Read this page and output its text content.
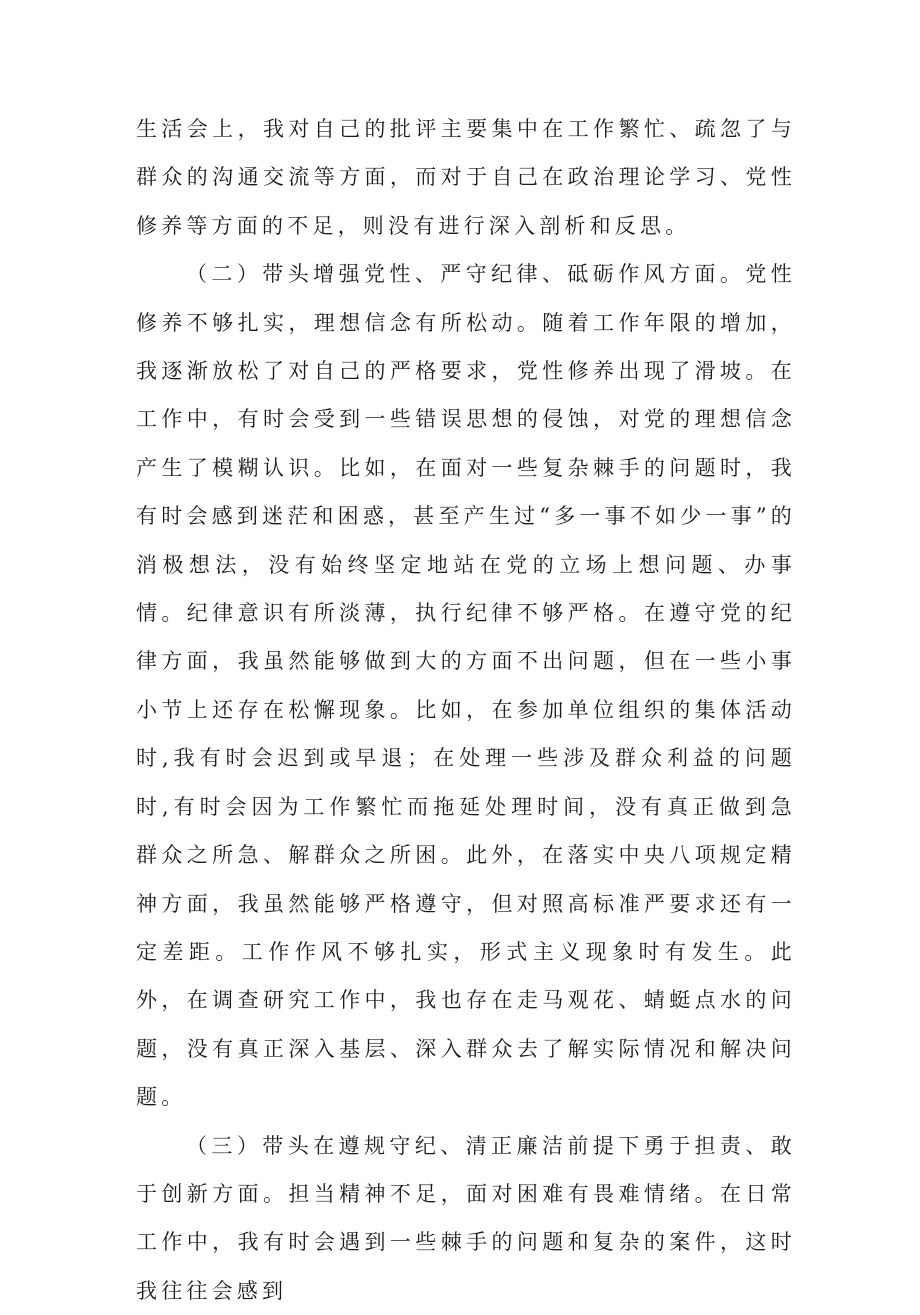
生活会上，我对自己的批评主要集中在工作繁忙、疏忽了与群众的沟通交流等方面，而对于自己在政治理论学习、党性修养等方面的不足，则没有进行深入剖析和反思。

（二）带头增强党性、严守纪律、砥砺作风方面。党性修养不够扎实，理想信念有所松动。随着工作年限的增加，我逐渐放松了对自己的严格要求，党性修养出现了滑坡。在工作中，有时会受到一些错误思想的侵蚀，对党的理想信念产生了模糊认识。比如，在面对一些复杂棘手的问题时，我有时会感到迷茫和困惑，甚至产生过“多一事不如少一事”的消极想法，没有始终坚定地站在党的立场上想问题、办事情。纪律意识有所淡薄，执行纪律不够严格。在遵守党的纪律方面，我虽然能够做到大的方面不出问题，但在一些小事小节上还存在松懈现象。比如，在参加单位组织的集体活动时,我有时会迟到或早退；在处理一些涉及群众利益的问题时,有时会因为工作繁忙而拖延处理时间，没有真正做到急群众之所急、解群众之所困。此外，在落实中央八项规定精神方面，我虽然能够严格遵守，但对照高标准严要求还有一定差距。工作作风不够扎实，形式主义现象时有发生。此外，在调查研究工作中，我也存在走马观花、蜻蜓点水的问题，没有真正深入基层、深入群众去了解实际情况和解决问题。

（三）带头在遵规守纪、清正廉洁前提下勇于担责、敢于创新方面。担当精神不足，面对困难有畏难情绪。在日常工作中，我有时会遇到一些棘手的问题和复杂的案件，这时我往往会感到
